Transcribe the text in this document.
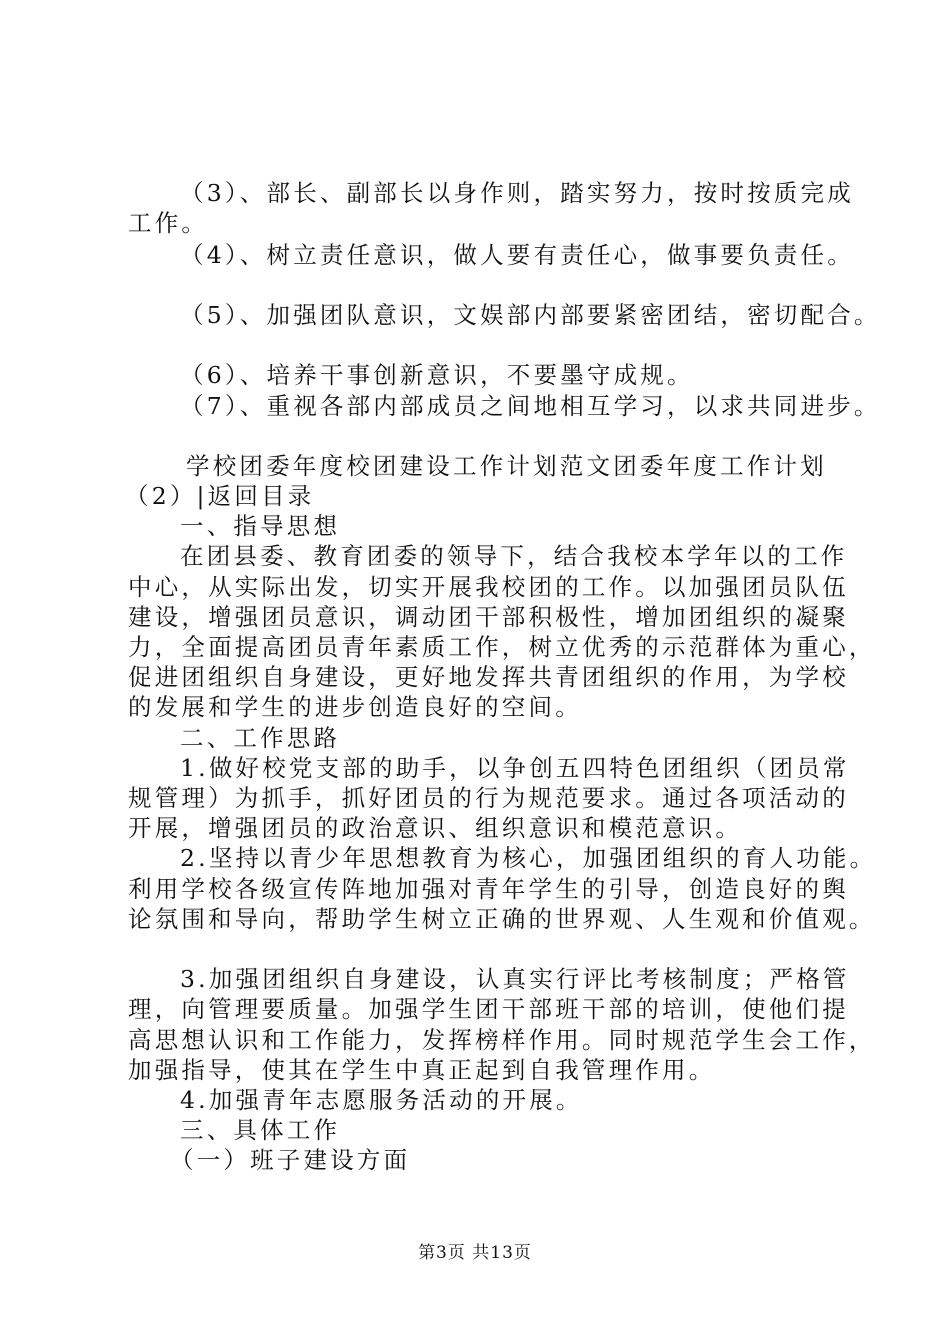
（3）、部长、副部长以身作则，踏实努力，按时按质完成
工作。
（4）、树立责任意识，做人要有责任心，做事要负责任。
（5）、加强团队意识，文娱部内部要紧密团结，密切配合。
（6）、培养干事创新意识，不要墨守成规。
（7）、重视各部内部成员之间地相互学习，以求共同进步。
学校团委年度校团建设工作计划范文团委年度工作计划
（2）|返回目录
一、指导思想
在团县委、教育团委的领导下，结合我校本学年以的工作
中心，从实际出发，切实开展我校团的工作。以加强团员队伍
建设，增强团员意识，调动团干部积极性，增加团组织的凝聚
力，全面提高团员青年素质工作，树立优秀的示范群体为重心，
促进团组织自身建设，更好地发挥共青团组织的作用，为学校
的发展和学生的进步创造良好的空间。
二、工作思路
1.做好校党支部的助手，以争创五四特色团组织（团员常
规管理）为抓手，抓好团员的行为规范要求。通过各项活动的
开展，增强团员的政治意识、组织意识和模范意识。
2.坚持以青少年思想教育为核心，加强团组织的育人功能。
利用学校各级宣传阵地加强对青年学生的引导，创造良好的舆
论氛围和导向，帮助学生树立正确的世界观、人生观和价值观。
3.加强团组织自身建设，认真实行评比考核制度；严格管
理，向管理要质量。加强学生团干部班干部的培训，使他们提
高思想认识和工作能力，发挥榜样作用。同时规范学生会工作，
加强指导，使其在学生中真正起到自我管理作用。
4.加强青年志愿服务活动的开展。
三、具体工作
（一）班子建设方面
第3页 共13页
